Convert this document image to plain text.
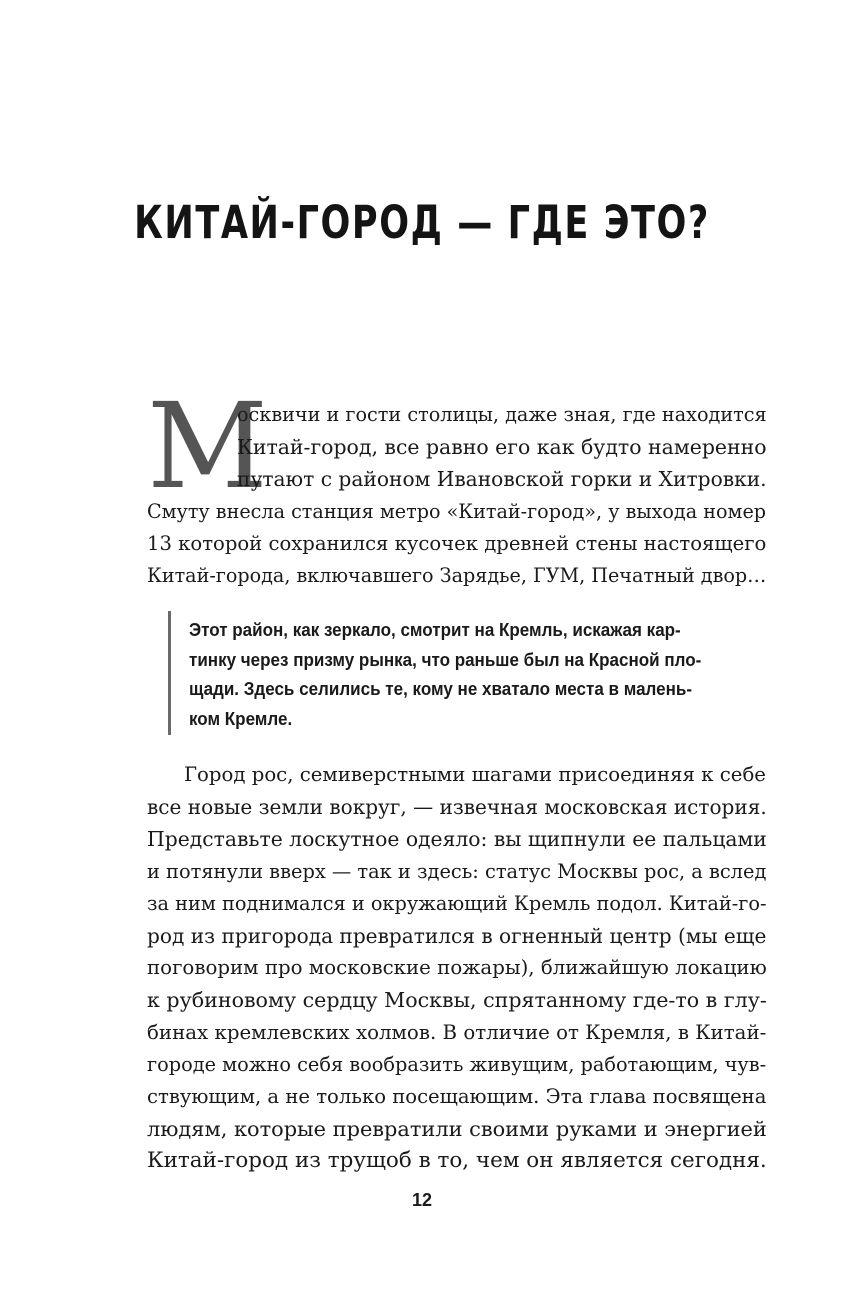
КИТАЙ-ГОРОД — ГДЕ ЭТО?
М
осквичи и гости столицы, даже зная, где находится
Китай-город, все равно его как будто намеренно
путают с районом Ивановской горки и Хитровки.
Смуту внесла станция метро «Китай-город», у выхода номер
13 которой сохранился кусочек древней стены настоящего
Китай-города, включавшего Зарядье, ГУМ, Печатный двор…
Этот район, как зеркало, смотрит на Кремль, искажая кар-
тинку через призму рынка, что раньше был на Красной пло-
щади. Здесь селились те, кому не хватало места в малень-
ком Кремле.
Город рос, семиверстными шагами присоединяя к себе
все новые земли вокруг, — извечная московская история.
Представьте лоскутное одеяло: вы щипнули ее пальцами
и потянули вверх — так и здесь: статус Москвы рос, а вслед
за ним поднимался и окружающий Кремль подол. Китай-го-
род из пригорода превратился в огненный центр (мы еще
поговорим про московские пожары), ближайшую локацию
к рубиновому сердцу Москвы, спрятанному где-то в глу-
бинах кремлевских холмов. В отличие от Кремля, в Китай-
городе можно себя вообразить живущим, работающим, чув-
ствующим, а не только посещающим. Эта глава посвящена
людям, которые превратили своими руками и энергией
Китай-город из трущоб в то, чем он является сегодня.
12
